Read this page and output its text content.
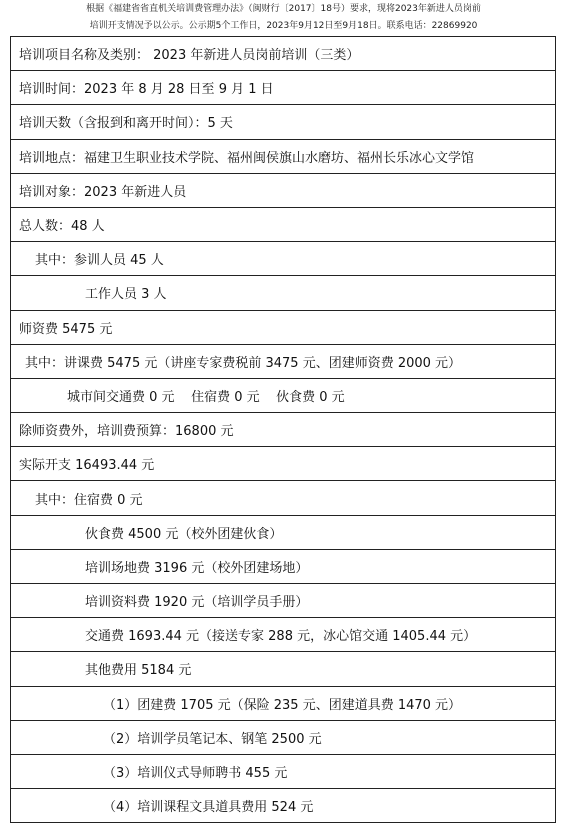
根据《福建省省直机关培训费管理办法》（闽财行〔2017〕18号）要求，现将2023年新进人员岗前
培训开支情况予以公示。公示期5个工作日，2023年9月12日至9月18日。联系电话：22869920
培训项目名称及类别： 2023 年新进人员岗前培训（三类）
培训时间：2023 年 8 月 28 日至 9 月 1 日
培训天数（含报到和离开时间）：5 天
培训地点：福建卫生职业技术学院、福州闽侯旗山水磨坊、福州长乐冰心文学馆
培训对象：2023 年新进人员
总人数：48 人
其中：参训人员 45 人
工作人员 3 人
师资费 5475 元
其中：讲课费 5475 元（讲座专家费税前 3475 元、团建师资费 2000 元）
城市间交通费 0 元    住宿费 0 元    伙食费 0 元
除师资费外，培训费预算：16800 元
实际开支 16493.44 元
其中：住宿费 0 元
伙食费 4500 元（校外团建伙食）
培训场地费 3196 元（校外团建场地）
培训资料费 1920 元（培训学员手册）
交通费 1693.44 元（接送专家 288 元，冰心馆交通 1405.44 元）
其他费用 5184 元
（1）团建费 1705 元（保险 235 元、团建道具费 1470 元）
（2）培训学员笔记本、钢笔 2500 元
（3）培训仪式导师聘书 455 元
（4）培训课程文具道具费用 524 元
